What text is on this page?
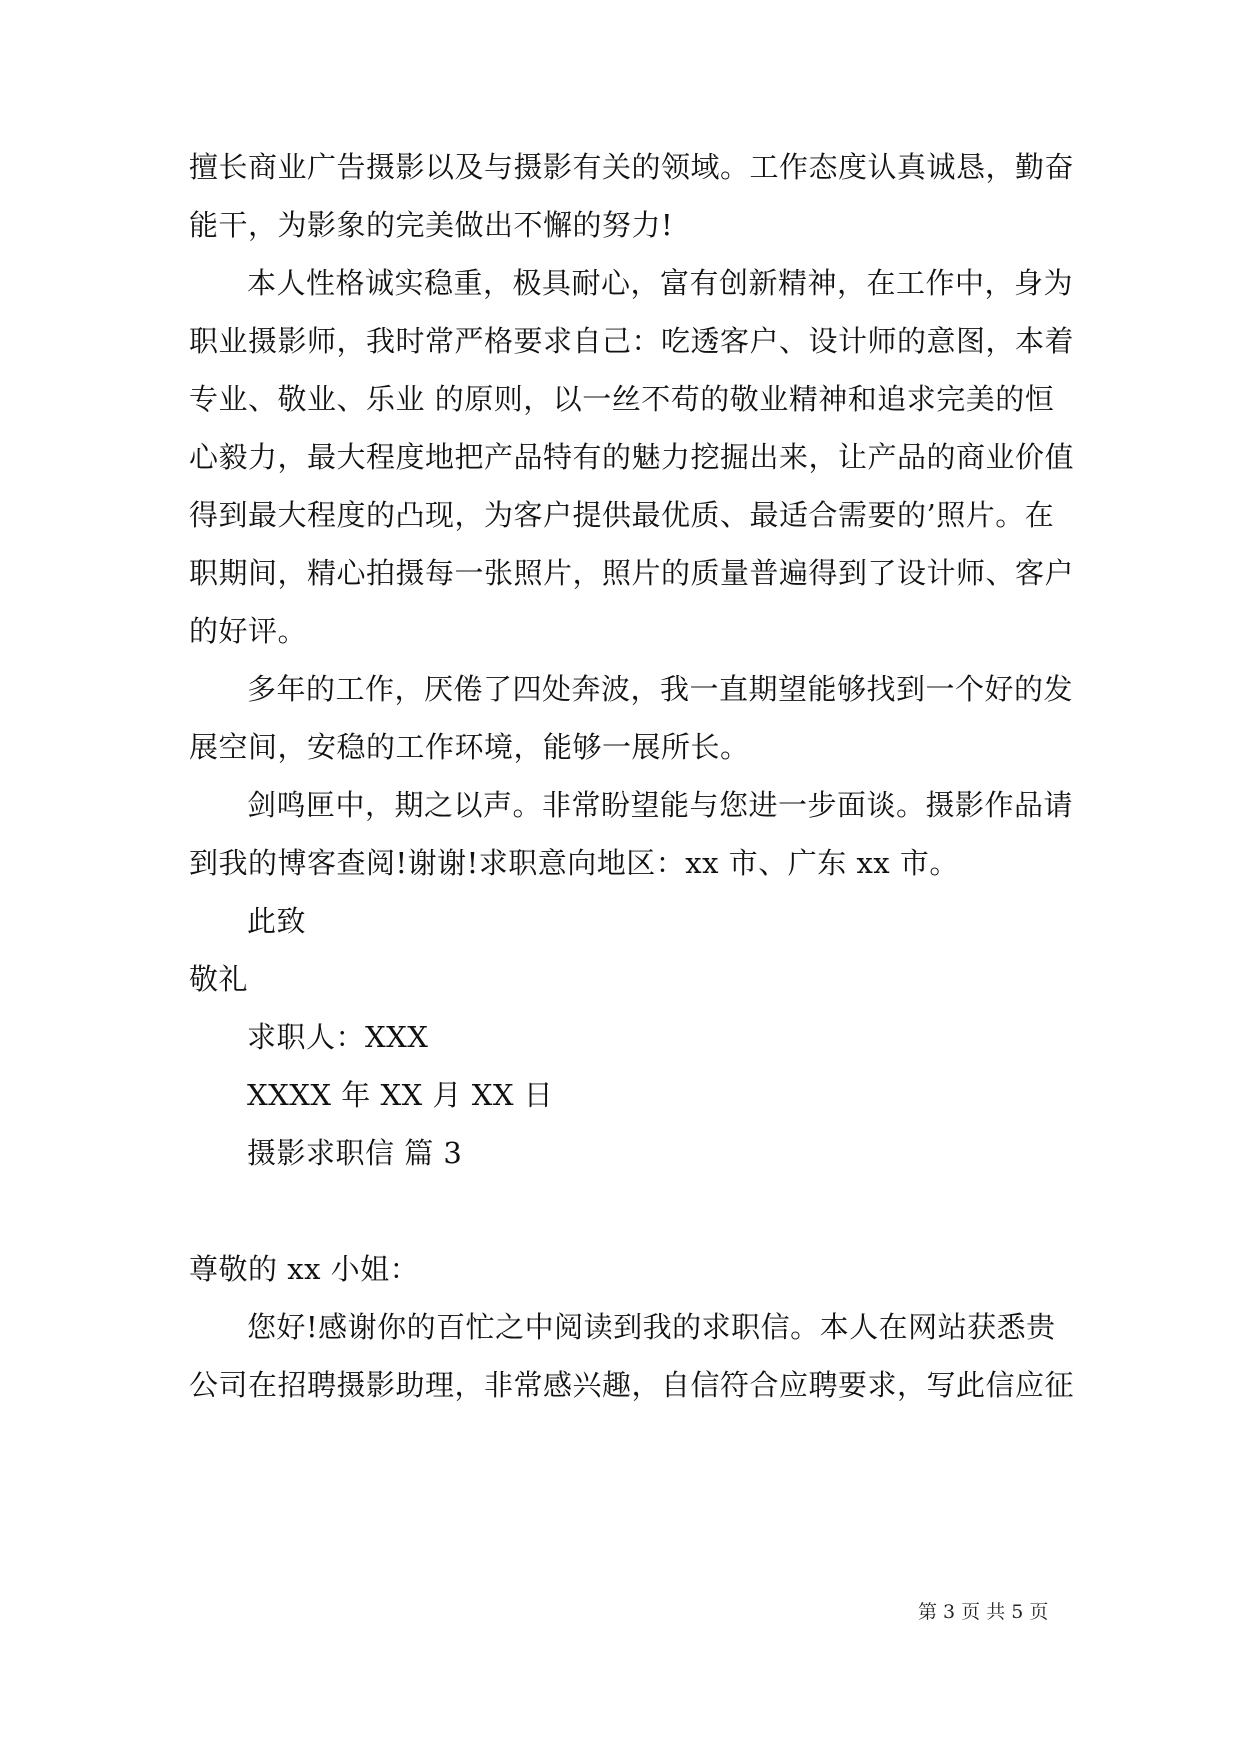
擅长商业广告摄影以及与摄影有关的领域。工作态度认真诚恳，勤奋
能干，为影象的完美做出不懈的努力!
本人性格诚实稳重，极具耐心，富有创新精神，在工作中，身为
职业摄影师，我时常严格要求自己：吃透客户、设计师的意图，本着
专业、敬业、乐业 的原则，以一丝不苟的敬业精神和追求完美的恒
心毅力，最大程度地把产品特有的魅力挖掘出来，让产品的商业价值
得到最大程度的凸现，为客户提供最优质、最适合需要的’照片。在
职期间，精心拍摄每一张照片，照片的质量普遍得到了设计师、客户
的好评。
多年的工作，厌倦了四处奔波，我一直期望能够找到一个好的发
展空间，安稳的工作环境，能够一展所长。
剑鸣匣中，期之以声。非常盼望能与您进一步面谈。摄影作品请
到我的博客查阅!谢谢!求职意向地区：xx 市、广东 xx 市。
此致
敬礼
求职人：XXX
XXXX 年 XX 月 XX 日
摄影求职信 篇 3
尊敬的 xx 小姐：
您好!感谢你的百忙之中阅读到我的求职信。本人在网站获悉贵
公司在招聘摄影助理，非常感兴趣，自信符合应聘要求，写此信应征
第 3 页 共 5 页
